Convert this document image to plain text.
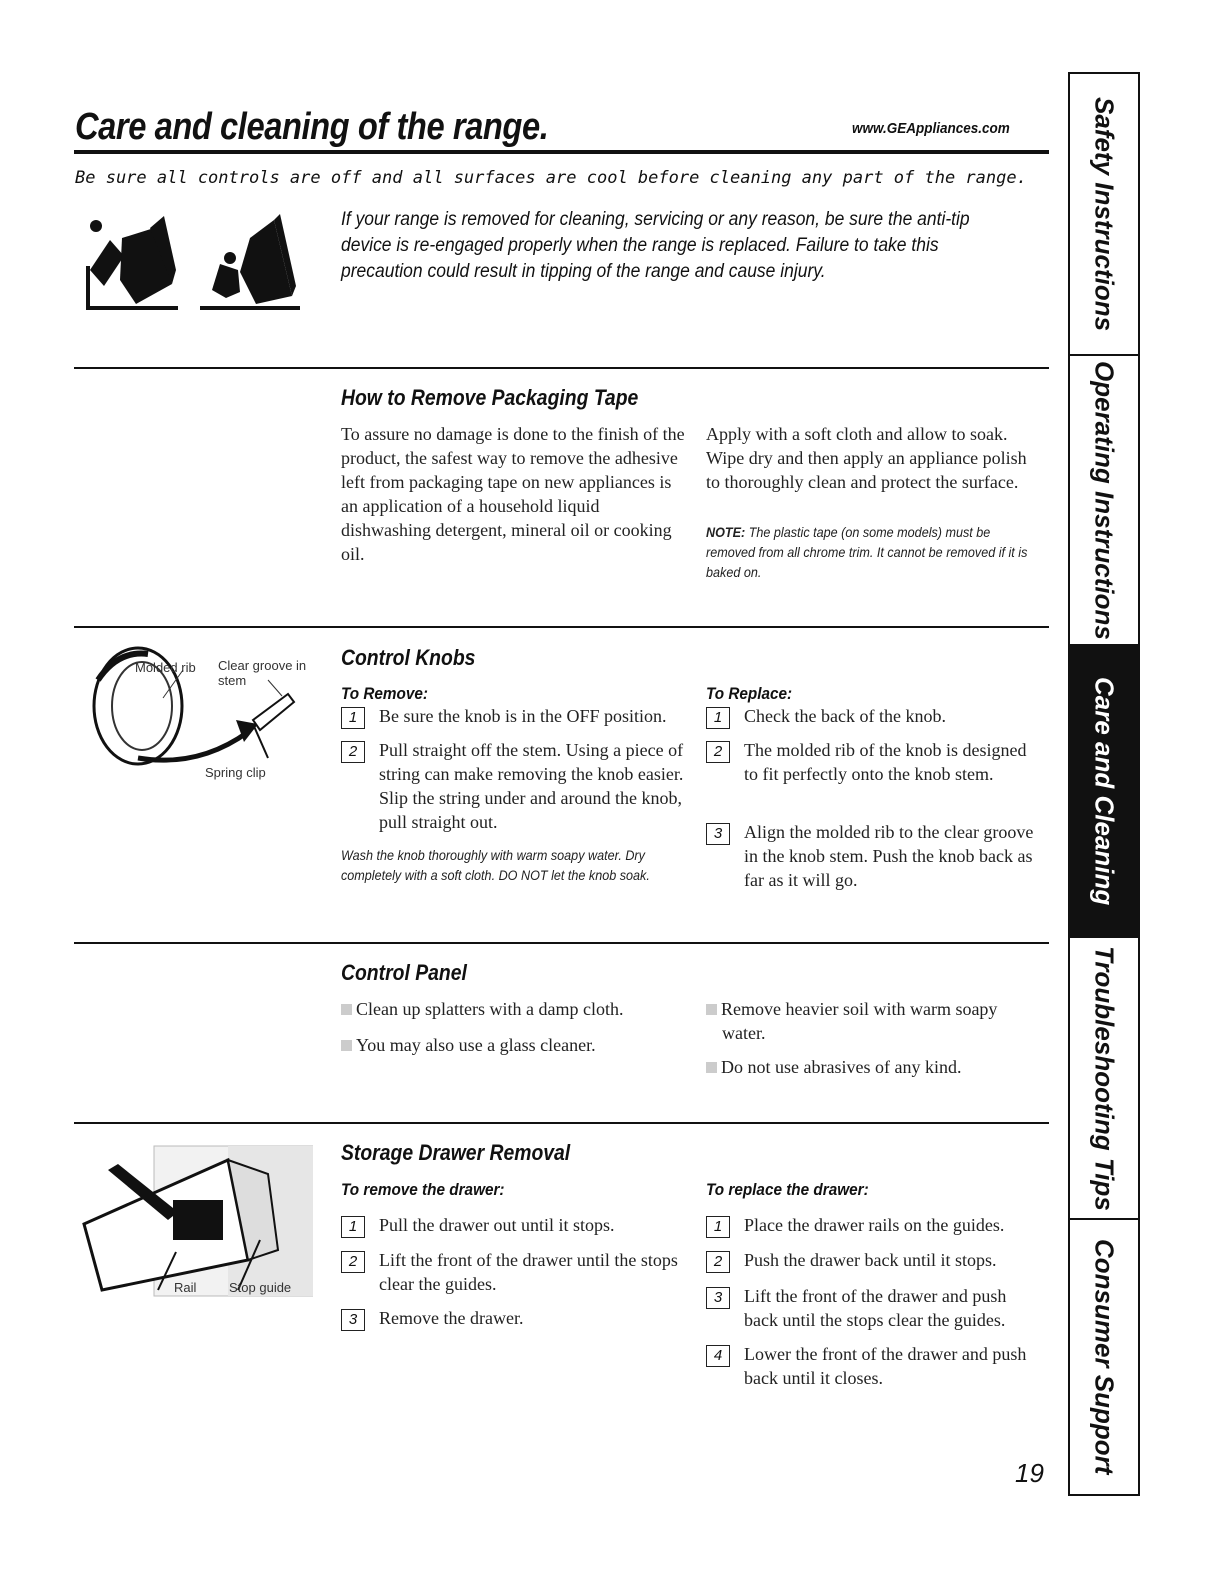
Care and cleaning of the range.	www.GEAppliances.com
Be sure all controls are off and all surfaces are cool before cleaning any part of the range.
If your range is removed for cleaning, servicing or any reason, be sure the anti-tip device is re-engaged properly when the range is replaced. Failure to take this precaution could result in tipping of the range and cause injury.
How to Remove Packaging Tape
To assure no damage is done to the finish of the product, the safest way to remove the adhesive left from packaging tape on new appliances is an application of a household liquid dishwashing detergent, mineral oil or cooking oil.
Apply with a soft cloth and allow to soak. Wipe dry and then apply an appliance polish to thoroughly clean and protect the surface.
NOTE: The plastic tape (on some models) must be removed from all chrome trim. It cannot be removed if it is baked on.
Molded rib Clear groove in stem
Spring clip
Control Knobs
To Remove:
1	Be sure the knob is in the OFF position.
2	Pull straight off the stem. Using a piece of string can make removing the knob easier. Slip the string under and around the knob, pull straight out.
Wash the knob thoroughly with warm soapy water. Dry completely with a soft cloth. DO NOT let the knob soak.
To Replace:
1	Check the back of the knob.
2	The molded rib of the knob is designed to fit perfectly onto the knob stem.
3	Align the molded rib to the clear groove in the knob stem. Push the knob back as far as it will go.
Control Panel
Clean up splatters with a damp cloth.
You may also use a glass cleaner.
Remove heavier soil with warm soapy water.
Do not use abrasives of any kind.
Rail	Stop guide
Storage Drawer Removal
To remove the drawer:
1	Pull the drawer out until it stops.
2	Lift the front of the drawer until the stops clear the guides.
3	Remove the drawer.
To replace the drawer:
1	Place the drawer rails on the guides.
2	Push the drawer back until it stops.
3	Lift the front of the drawer and push back until the stops clear the guides.
4	Lower the front of the drawer and push back until it closes.
19
Safety Instructions
Operating Instructions
Care and Cleaning
Troubleshooting Tips
Consumer Support
